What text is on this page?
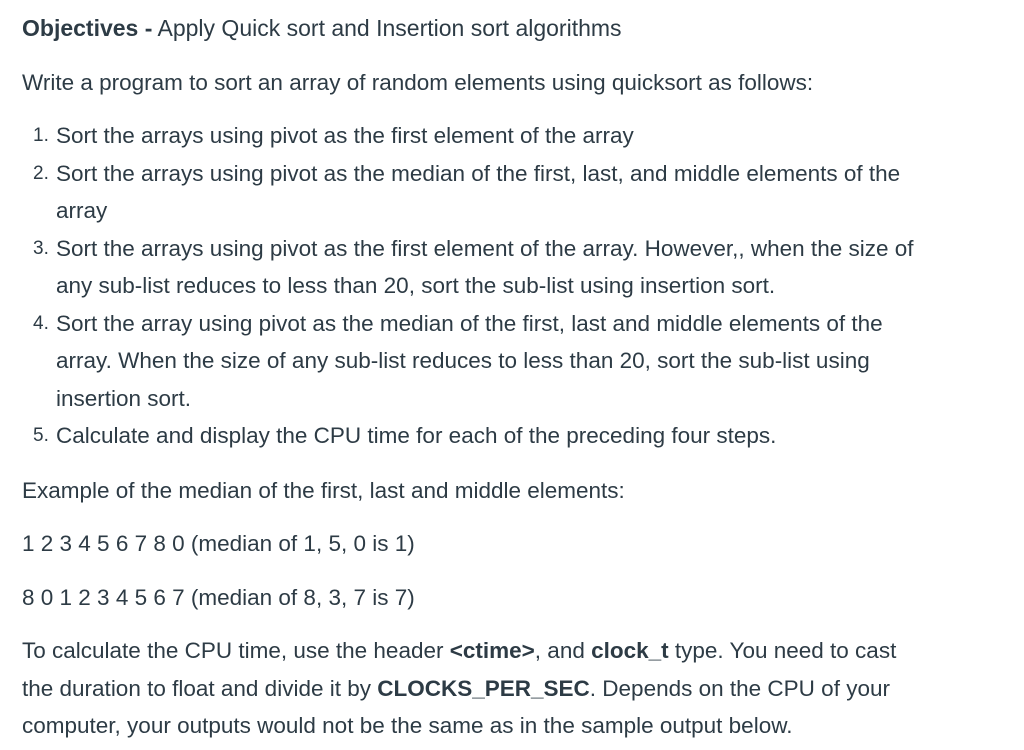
Objectives - Apply Quick sort and Insertion sort algorithms
Write a program to sort an array of random elements using quicksort as follows:
1. Sort the arrays using pivot as the first element of the array
2. Sort the arrays using pivot as the median of the first, last, and middle elements of the
array
3. Sort the arrays using pivot as the first element of the array. However,, when the size of
any sub-list reduces to less than 20, sort the sub-list using insertion sort.
4. Sort the array using pivot as the median of the first, last and middle elements of the
array. When the size of any sub-list reduces to less than 20, sort the sub-list using
insertion sort.
5. Calculate and display the CPU time for each of the preceding four steps.
Example of the median of the first, last and middle elements:
1 2 3 4 5 6 7 8 0 (median of 1, 5, 0 is 1)
8 0 1 2 3 4 5 6 7 (median of 8, 3, 7 is 7)
To calculate the CPU time, use the header <ctime>, and clock_t type. You need to cast
the duration to float and divide it by CLOCKS_PER_SEC. Depends on the CPU of your
computer, your outputs would not be the same as in the sample output below.
